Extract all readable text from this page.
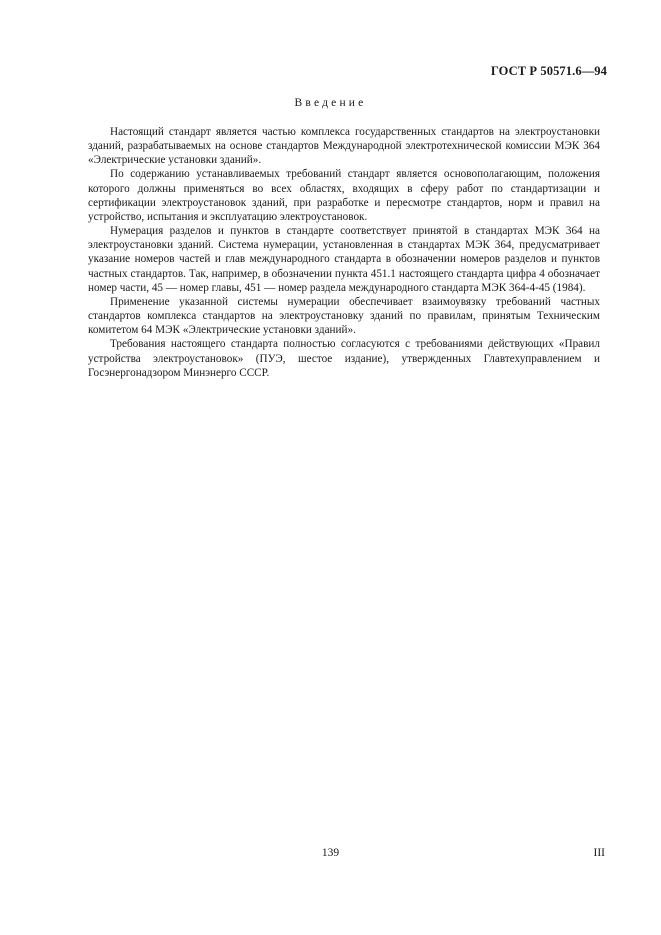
ГОСТ Р 50571.6—94
Введение

Настоящий стандарт является частью комплекса государственных стандартов на электроустановки зданий, разрабатываемых на основе стандартов Международной электротехнической комиссии МЭК 364 «Электрические установки зданий».

По содержанию устанавливаемых требований стандарт является основополагающим, положения которого должны применяться во всех областях, входящих в сферу работ по стандартизации и сертификации электроустановок зданий, при разработке и пересмотре стандартов, норм и правил на устройство, испытания и эксплуатацию электроустановок.

Нумерация разделов и пунктов в стандарте соответствует принятой в стандартах МЭК 364 на электроустановки зданий. Система нумерации, установленная в стандартах МЭК 364, предусматривает указание номеров частей и глав международного стандарта в обозначении номеров разделов и пунктов частных стандартов. Так, например, в обозначении пункта 451.1 настоящего стандарта цифра 4 обозначает номер части, 45 — номер главы, 451 — номер раздела международного стандарта МЭК 364-4-45 (1984).

Применение указанной системы нумерации обеспечивает взаимоувязку требований частных стандартов комплекса стандартов на электроустановку зданий по правилам, принятым Техническим комитетом 64 МЭК «Электрические установки зданий».

Требования настоящего стандарта полностью согласуются с требованиями действующих «Правил устройства электроустановок» (ПУЭ, шестое издание), утвержденных Главтехуправлением и Госэнергонадзором Минэнерго СССР.

139	III
